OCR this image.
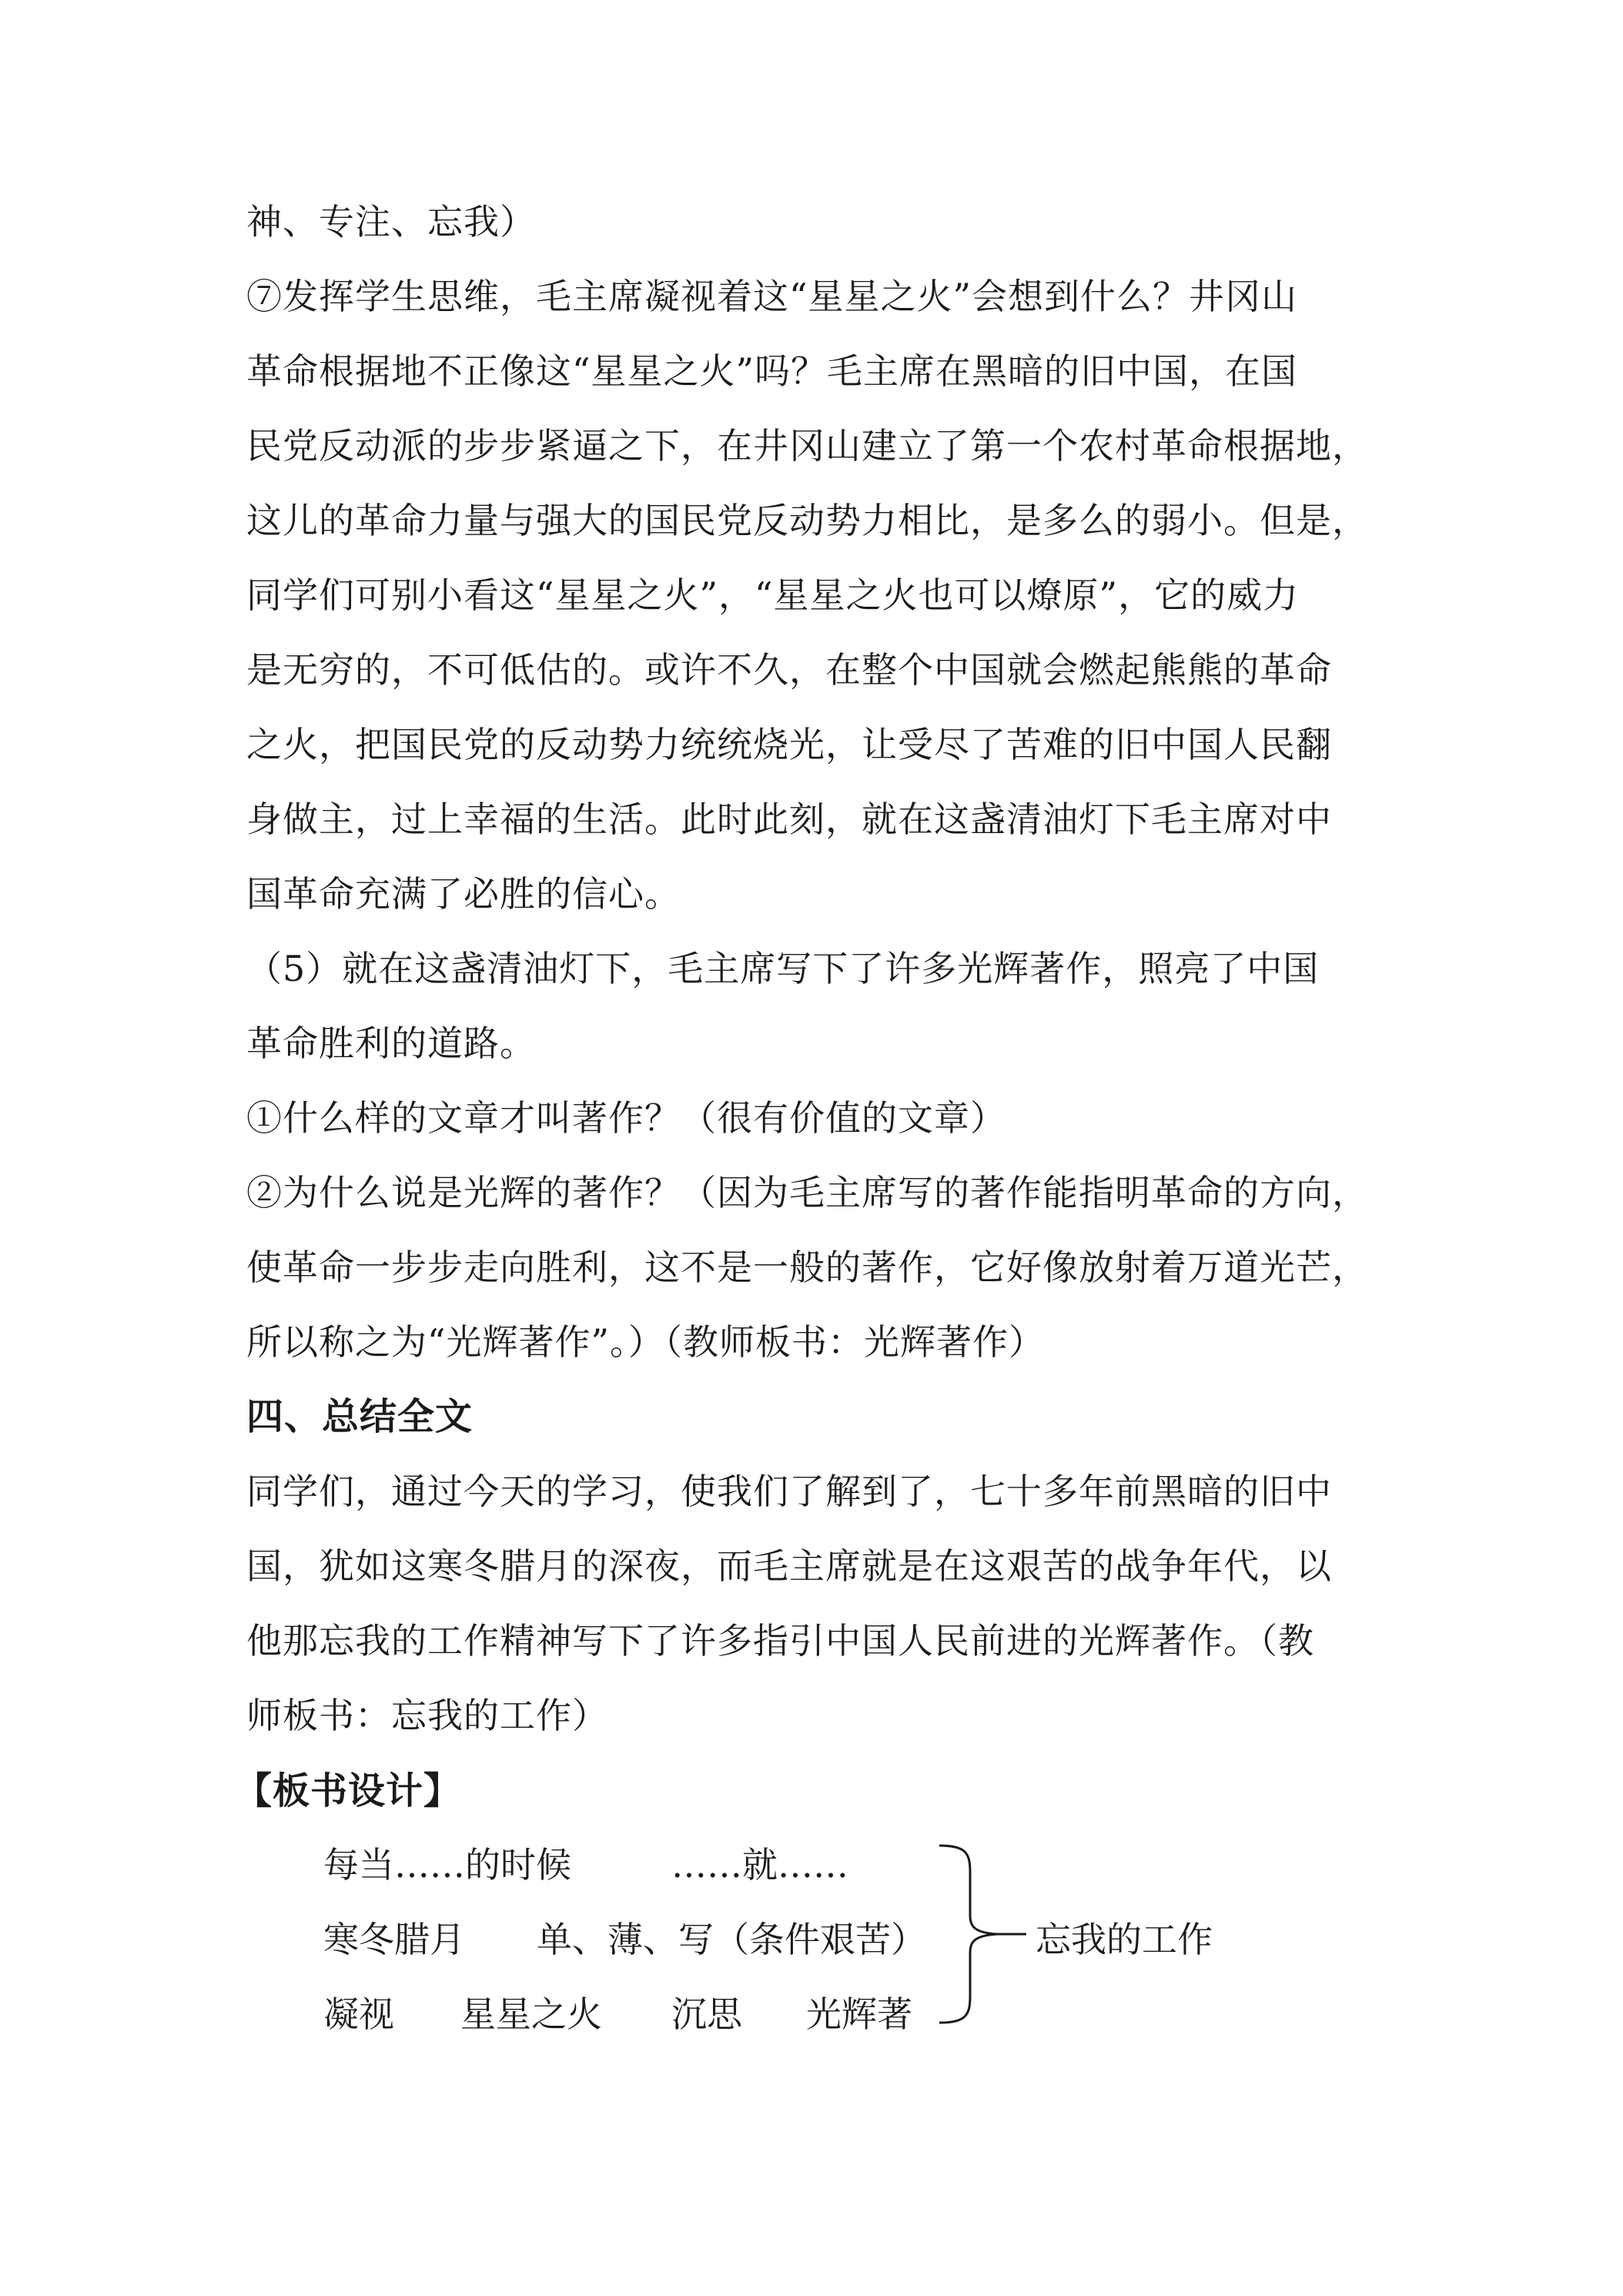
神、专注、忘我）
⑦发挥学生思维，毛主席凝视着这“星星之火”会想到什么？井冈山
革命根据地不正像这“星星之火”吗？毛主席在黑暗的旧中国，在国
民党反动派的步步紧逼之下，在井冈山建立了第一个农村革命根据地，
这儿的革命力量与强大的国民党反动势力相比，是多么的弱小。但是，
同学们可别小看这“星星之火”，“星星之火也可以燎原”，它的威力
是无穷的，不可低估的。或许不久，在整个中国就会燃起熊熊的革命
之火，把国民党的反动势力统统烧光，让受尽了苦难的旧中国人民翻
身做主，过上幸福的生活。此时此刻，就在这盏清油灯下毛主席对中
国革命充满了必胜的信心。
（5）就在这盏清油灯下，毛主席写下了许多光辉著作，照亮了中国
革命胜利的道路。
①什么样的文章才叫著作？（很有价值的文章）
②为什么说是光辉的著作？（因为毛主席写的著作能指明革命的方向，
使革命一步步走向胜利，这不是一般的著作，它好像放射着万道光芒，
所以称之为“光辉著作”。）（教师板书：光辉著作）
四、总结全文
同学们，通过今天的学习，使我们了解到了，七十多年前黑暗的旧中
国，犹如这寒冬腊月的深夜，而毛主席就是在这艰苦的战争年代，以
他那忘我的工作精神写下了许多指引中国人民前进的光辉著作。（教
师板书：忘我的工作）
【板书设计】
每当……的时候	……就……
寒冬腊月 单、薄、写（条件艰苦）
凝视 星星之火 沉思 光辉著
忘我的工作
